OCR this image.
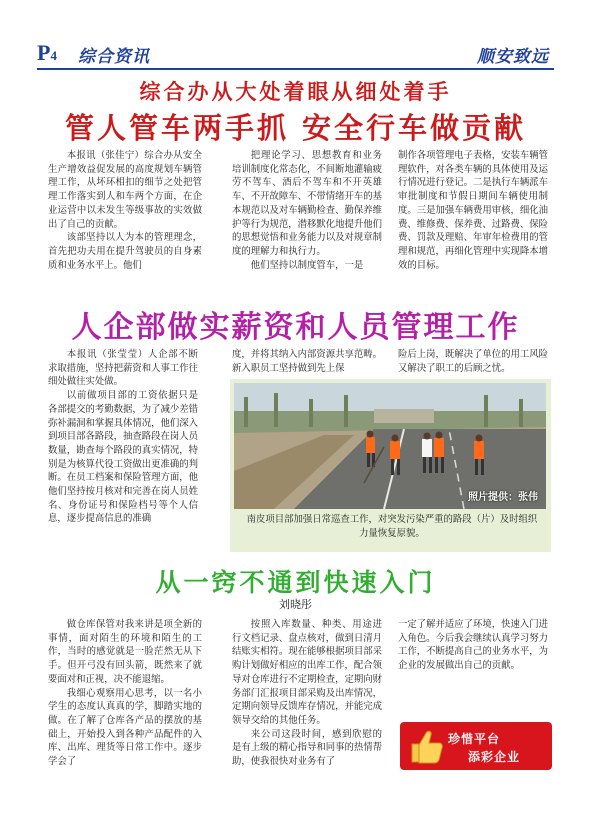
P4 综合资讯	顺安致远
综合办从大处着眼从细处着手
管人管车两手抓 安全行车做贡献

本报讯（张佳宁）综合办从安全生产增效益促发展的高度规划车辆管理工作，从坏环相扣的细节之处把管理工作落实到人和车两个方面，在企业运营中以未发生等级事故的实效做出了自己的贡献。

该部坚持以人为本的管理理念，首先把功夫用在提升驾驶员的自身素质和业务水平上。他们

把理论学习、思想教育和业务培训制度化常态化，不间断地灌输疲劳不驾车、酒后不驾车和不开英雄车、不开故障车、不带情绪开车的基本规范以及对车辆勤检查、勤保养维护等行为规范，潜移默化地提升他们的思想觉悟和业务能力以及对规章制度的理解力和执行力。

他们坚持以制度管车，一是

制作各项管理电子表格，安装车辆管理软件，对各类车辆的具体使用及运行情况进行登记。二是执行车辆派车审批制度和节假日期间车辆使用制度。三是加强车辆费用审核，细化油费、维修费、保养费、过路费、保险费、罚款及理赔、年审年检费用的管理和规范，再细化管理中实现降本增效的目标。

人企部做实薪资和人员管理工作

本报讯（张莹莹）人企部不断求取措施，坚持把薪资和人事工作往细处做往实处做。

以前做项目部的工资依据只是各部提交的考勤数据，为了减少差错弥补漏洞和掌握具体情况，他们深入到项目部各路段，抽查路段在岗人员数量，勘查每个路段的真实情况，特别是为核算代役工资做出更准确的判断。在员工档案和保险管理方面，他他们坚持按月核对和完善在岗人员姓名、身份证号和保险档号等个人信息，逐步提高信息的准确

度，并将其纳入内部资源共享范畴。新入职员工坚持做到先上保

险后上岗，既解决了单位的用工风险又解决了职工的后顾之忧。

照片提供：张伟
南皮项目部加强日常巡查工作，对突发污染严重的路段（片）及时组织力量恢复原貌。
从一窍不通到快速入门
刘晓彤

做仓库保管对我来讲是项全新的事情，面对陌生的环境和陌生的工作，当时的感觉就是一脸茫然无从下手。但开弓没有回头箭，既然来了就要面对和正视，决不能退缩。

我细心观察用心思考，以一名小学生的态度认真真的学，脚踏实地的做。在了解了仓库各产品的摆放的基础上，开始投入到各种产品配件的入库、出库、理货等日常工作中。逐步学会了

按照入库数量、种类、用途进行文档记录、盘点核对，做到日清月结账实相符。现在能够根据项目部采购计划做好相应的出库工作，配合领导对仓库进行不定期检查，定期向财务部门汇报项目部采购及出库情况，定期向领导反馈库存情况，并能完成领导交给的其他任务。

来公司这段时间，感到欣慰的是有上级的精心指导和同事的热情帮助，使我很快对业务有了

一定了解并适应了环境，快速入门进入角色。今后我会继续认真学习努力工作，不断提高自己的业务水平，为企业的发展做出自己的贡献。

珍惜平台
添彩企业
